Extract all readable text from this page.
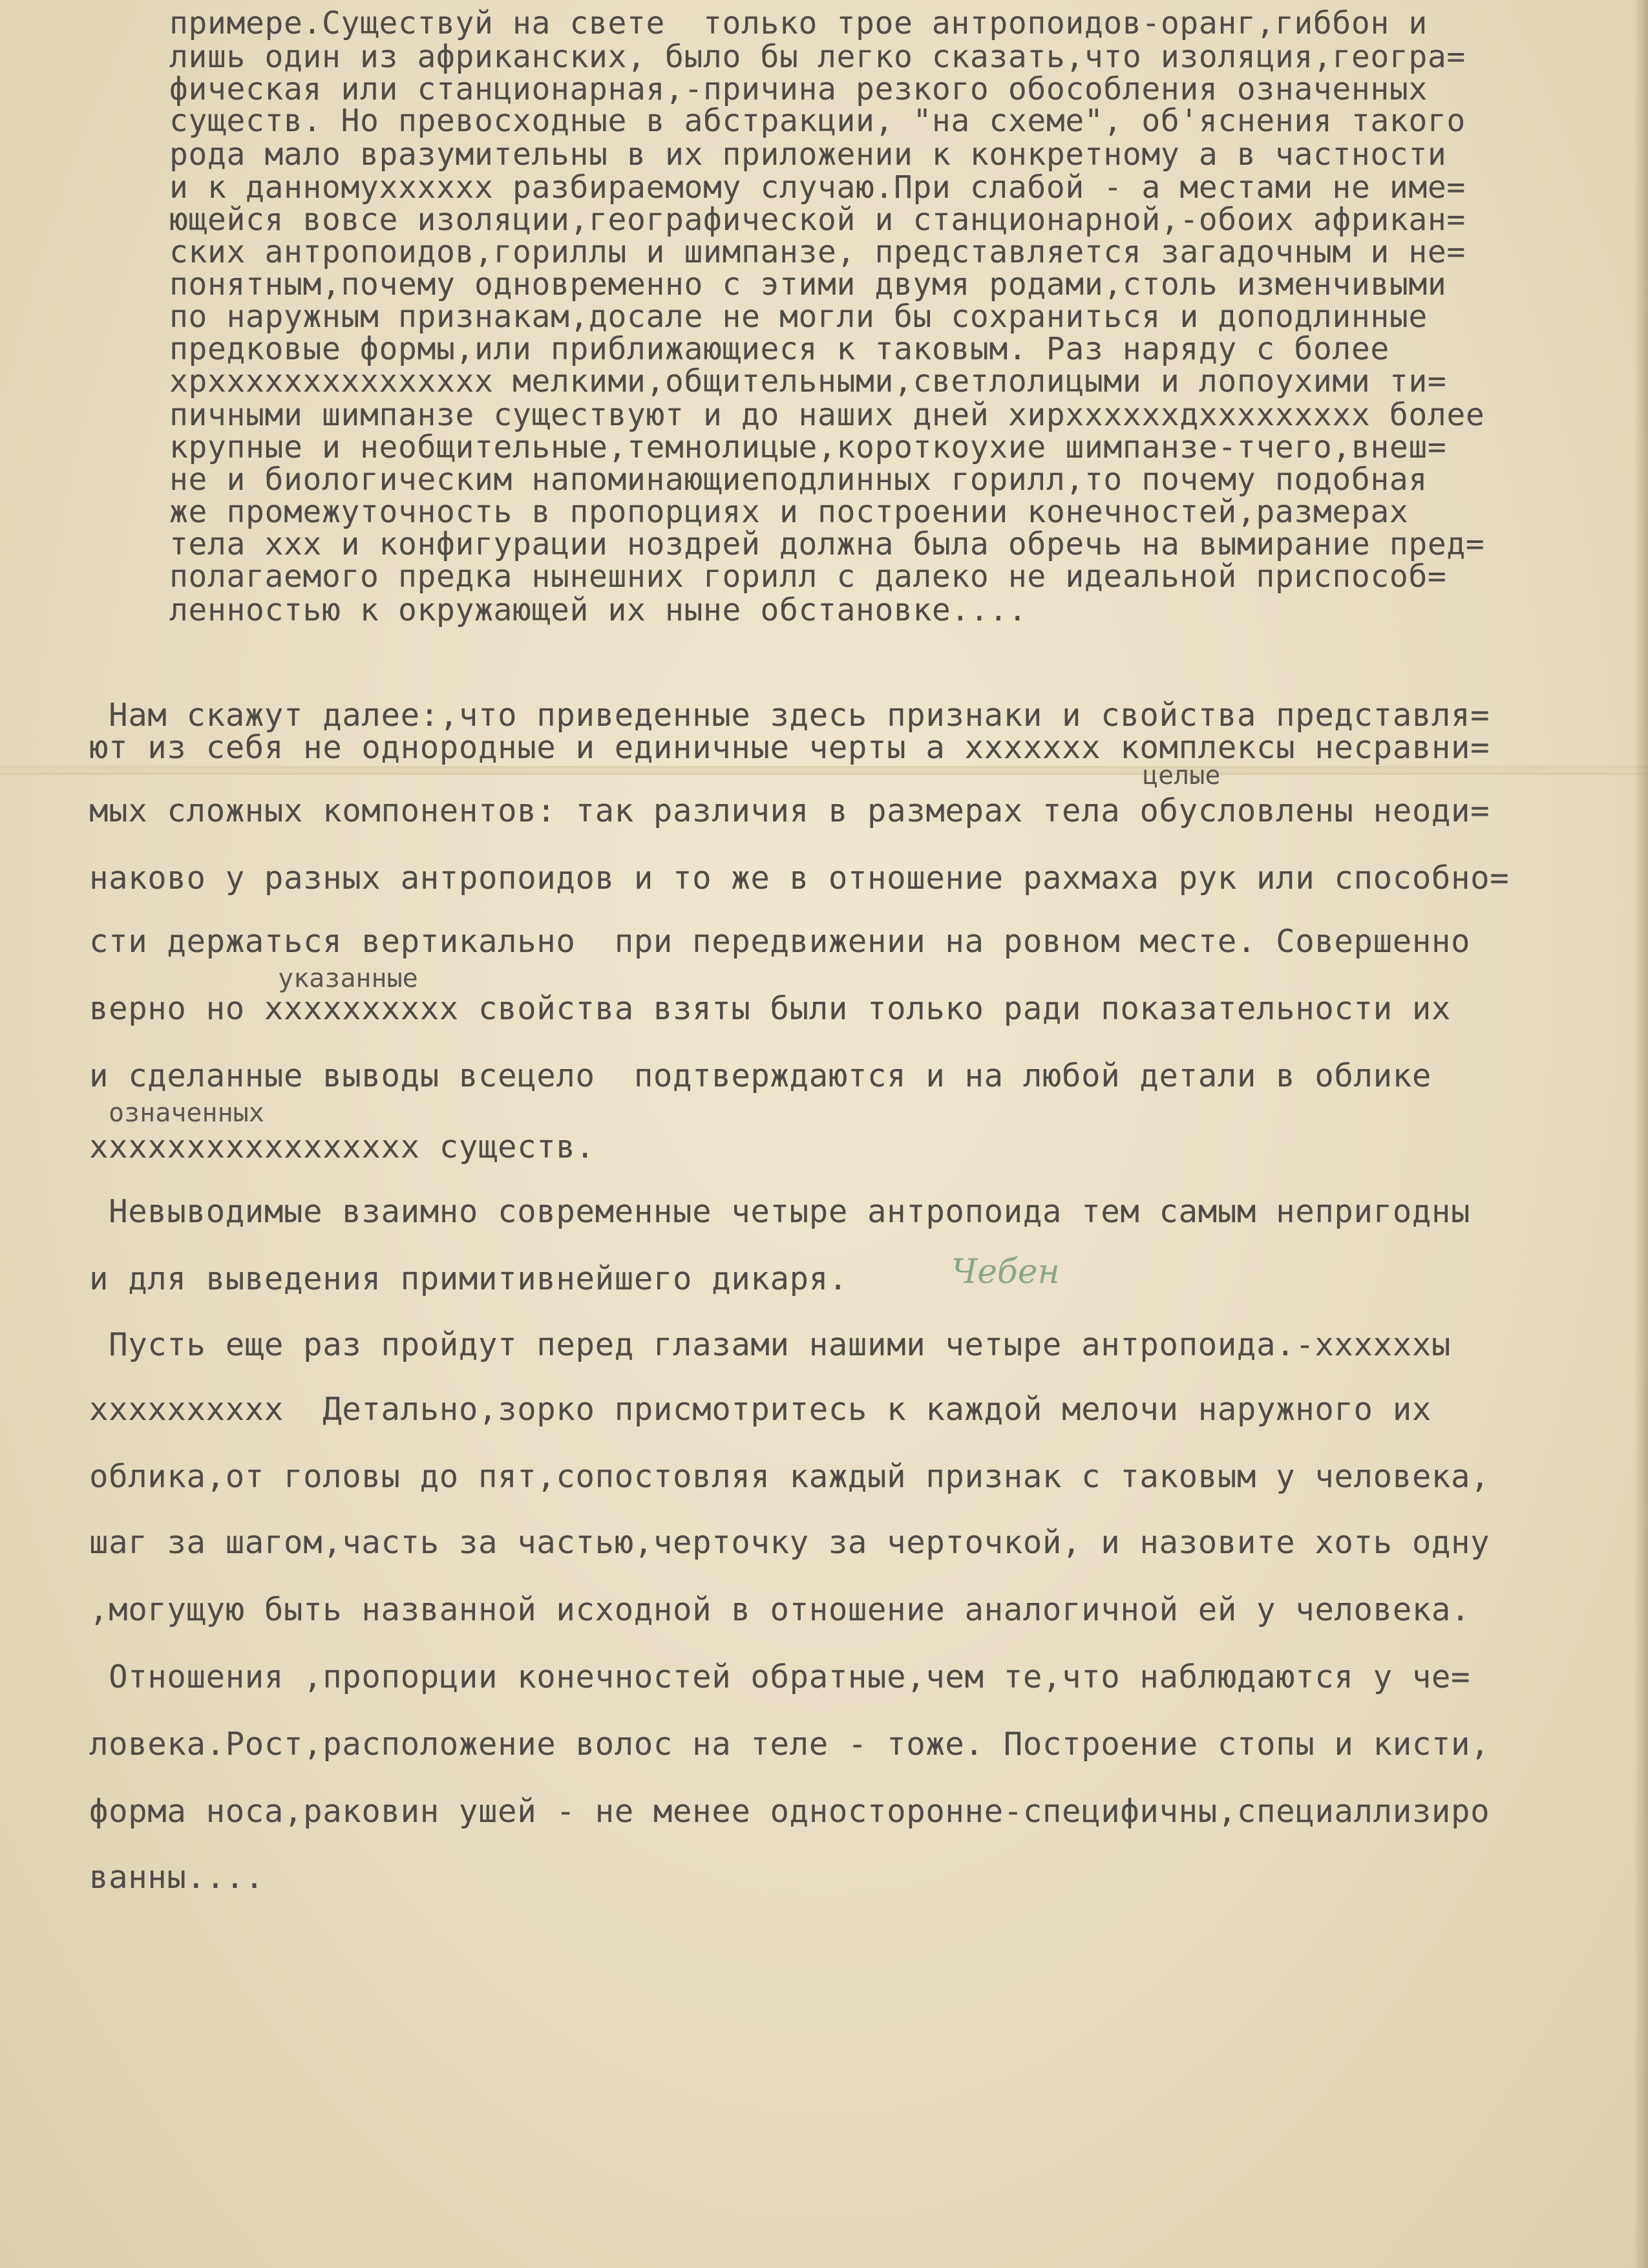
примере.Существуй на свете  только трое антропоидов-оранг,гиббон и
лишь один из африканских, было бы легко сказать,что изоляция,геогра=
фическая или станционарная,-причина резкого обособления означенных
существ. Но превосходные в абстракции, "на схеме", об'яснения такого
рода мало вразумительны в их приложении к конкретному а в частности
и к данномухххххх разбираемому случаю.При слабой - а местами не име=
ющейся вовсе изоляции,географической и станционарной,-обоих африкан=
ских антропоидов,гориллы и шимпанзе, представляется загадочным и не=
понятным,почему одновременно с этими двумя родами,столь изменчивыми
по наружным признакам,досале не могли бы сохраниться и доподлинные
предковые формы,или приближающиеся к таковым. Раз наряду с более
хрххххххххххххххх мелкими,общительными,светлолицыми и лопоухими ти=
пичными шимпанзе существуют и до наших дней хирххххххдххххххххх более
крупные и необщительные,темнолицые,короткоухие шимпанзе-тчего,внеш=
не и биологическим напоминающиеподлинных горилл,то почему подобная
же промежуточность в пропорциях и построении конечностей,размерах
тела ххх и конфигурации ноздрей должна была обречь на вымирание пред=
полагаемого предка нынешних горилл с далеко не идеальной приспособ=
ленностью к окружающей их ныне обстановке....
Нам скажут далее:,что приведенные здесь признаки и свойства представля=
ют из себя не однородные и единичные черты а ххххххх комплексы несравни=
целые
мых сложных компонентов: так различия в размерах тела обусловлены неоди=
наково у разных антропоидов и то же в отношение рахмаха рук или способно=
сти держаться вертикально  при передвижении на ровном месте. Совершенно
указанные
верно но хххххххххх свойства взяты были только ради показательности их
и сделанные выводы всецело  подтверждаются и на любой детали в облике
означенных
ххххххххххххххххх существ.
Невыводимые взаимно современные четыре антропоида тем самым непригодны
и для выведения примитивнейшего дикаря.	Чебен
Пусть еще раз пройдут перед глазами нашими четыре антропоида.-ххххххы
хххххххххх  Детально,зорко присмотритесь к каждой мелочи наружного их
облика,от головы до пят,сопостовляя каждый признак с таковым у человека,
шаг за шагом,часть за частью,черточку за черточкой, и назовите хоть одну
,могущую быть названной исходной в отношение аналогичной ей у человека.
Отношения ,пропорции конечностей обратные,чем те,что наблюдаются у че=
ловека.Рост,расположение волос на теле - тоже. Построение стопы и кисти,
форма носа,раковин ушей - не менее односторонне-специфичны,специаллизиро
ванны....
